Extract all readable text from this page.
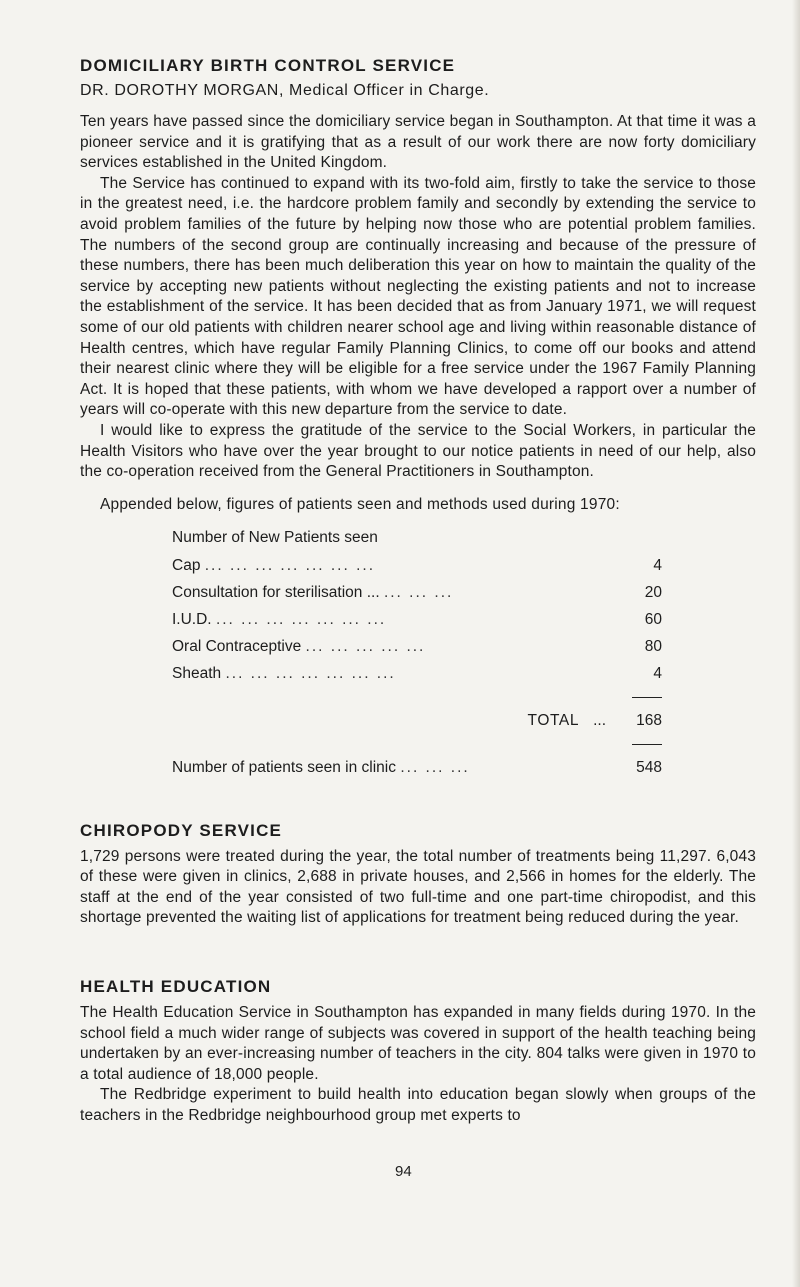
DOMICILIARY BIRTH CONTROL SERVICE
DR. DOROTHY MORGAN, Medical Officer in Charge.

Ten years have passed since the domiciliary service began in Southampton. At that time it was a pioneer service and it is gratifying that as a result of our work there are now forty domiciliary services established in the United Kingdom.

The Service has continued to expand with its two-fold aim, firstly to take the service to those in the greatest need, i.e. the hardcore problem family and secondly by extending the service to avoid problem families of the future by helping now those who are potential problem families. The numbers of the second group are continually increasing and because of the pressure of these numbers, there has been much deliberation this year on how to maintain the quality of the service by accepting new patients without neglecting the existing patients and not to increase the establishment of the service. It has been decided that as from January 1971, we will request some of our old patients with children nearer school age and living within reasonable distance of Health centres, which have regular Family Planning Clinics, to come off our books and attend their nearest clinic where they will be eligible for a free service under the 1967 Family Planning Act. It is hoped that these patients, with whom we have developed a rapport over a number of years will co-operate with this new departure from the service to date.

I would like to express the gratitude of the service to the Social Workers, in particular the Health Visitors who have over the year brought to our notice patients in need of our help, also the co-operation received from the General Practitioners in Southampton.

Appended below, figures of patients seen and methods used during 1970:
Number of New Patients seen
Cap ... ... ... ... ... ... ...	4
Consultation for sterilisation ... ... ... ...	20
I.U.D. ... ... ... ... ... ... ...	60
Oral Contraceptive ... ... ... ... ...	80
Sheath ... ... ... ... ... ... ...	4
TOTAL ...	168
Number of patients seen in clinic ... ... ...	548
CHIROPODY SERVICE

1,729 persons were treated during the year, the total number of treatments being 11,297. 6,043 of these were given in clinics, 2,688 in private houses, and 2,566 in homes for the elderly. The staff at the end of the year consisted of two full-time and one part-time chiropodist, and this shortage prevented the waiting list of applications for treatment being reduced during the year.

HEALTH EDUCATION

The Health Education Service in Southampton has expanded in many fields during 1970. In the school field a much wider range of subjects was covered in support of the health teaching being undertaken by an ever-increasing number of teachers in the city. 804 talks were given in 1970 to a total audience of 18,000 people.

The Redbridge experiment to build health into education began slowly when groups of the teachers in the Redbridge neighbourhood group met experts to

94
